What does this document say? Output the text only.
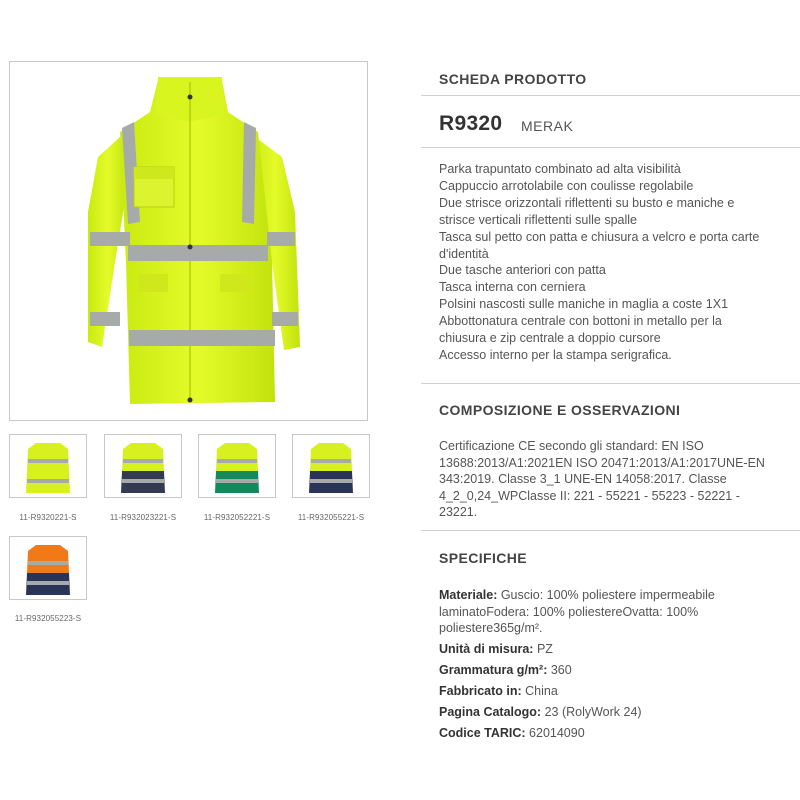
11-R9320221-S	11-R932023221-S	11-R932052221-S	11-R932055221-S
11-R932055223-S
SCHEDA PRODOTTO
R9320 MERAK
Parka trapuntato combinato ad alta visibilità
Cappuccio arrotolabile con coulisse regolabile
Due strisce orizzontali riflettenti su busto e maniche e
strisce verticali riflettenti sulle spalle
Tasca sul petto con patta e chiusura a velcro e porta carte
d'identità
Due tasche anteriori con patta
Tasca interna con cerniera
Polsini nascosti sulle maniche in maglia a coste 1X1
Abbottonatura centrale con bottoni in metallo per la
chiusura e zip centrale a doppio cursore
Accesso interno per la stampa serigrafica.
COMPOSIZIONE E OSSERVAZIONI
Certificazione CE secondo gli standard: EN ISO 13688:2013/A1:2021EN ISO 20471:2013/A1:2017UNE-EN 343:2019. Classe 3_1 UNE-EN 14058:2017. Classe 4_2_0,24_WPClasse II: 221 - 55221 - 55223 - 52221 - 23221.
SPECIFICHE
Materiale: Guscio: 100% poliestere impermeabile laminatoFodera: 100% poliestereOvatta: 100% poliestere365g/m².
Unità di misura: PZ
Grammatura g/m²: 360
Fabbricato in: China
Pagina Catalogo: 23 (RolyWork 24)
Codice TARIC: 62014090
